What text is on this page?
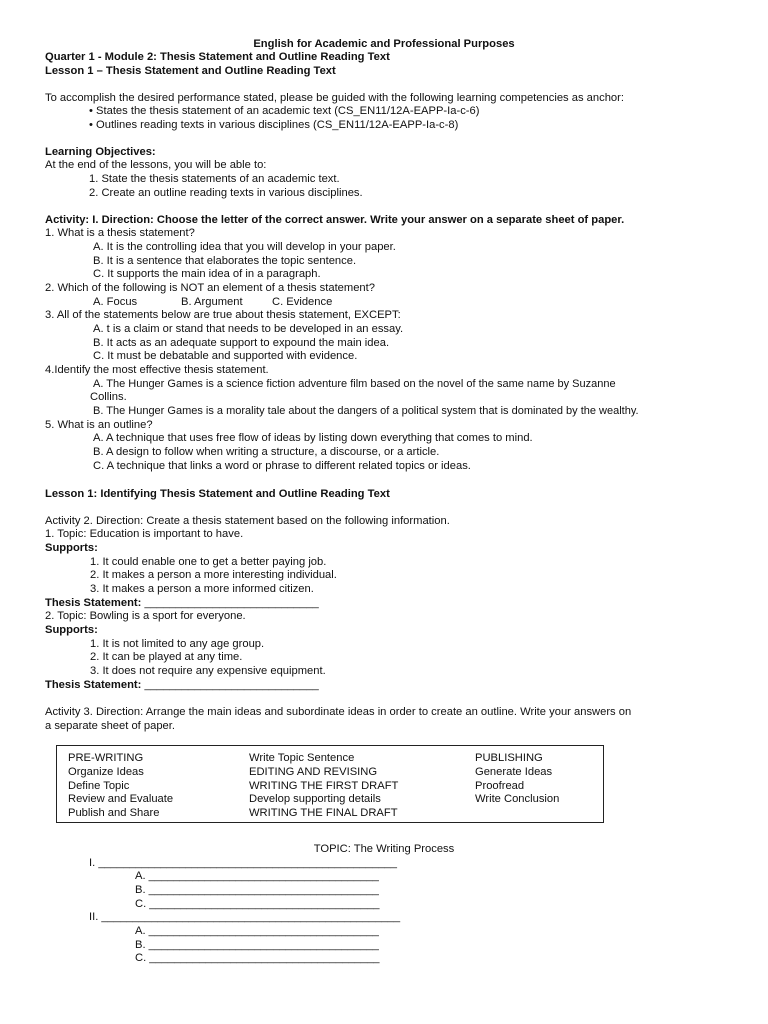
English for Academic and Professional Purposes
Quarter 1 - Module 2: Thesis Statement and Outline Reading Text
Lesson 1 – Thesis Statement and Outline Reading Text
To accomplish the desired performance stated, please be guided with the following learning competencies as anchor:
• States the thesis statement of an academic text (CS_EN11/12A-EAPP-Ia-c-6)
• Outlines reading texts in various disciplines (CS_EN11/12A-EAPP-Ia-c-8)
Learning Objectives:
At the end of the lessons, you will be able to:
1. State the thesis statements of an academic text.
2. Create an outline reading texts in various disciplines.
Activity: I. Direction: Choose the letter of the correct answer. Write your answer on a separate sheet of paper.
1. What is a thesis statement?
A. It is the controlling idea that you will develop in your paper.
B. It is a sentence that elaborates the topic sentence.
C. It supports the main idea of in a paragraph.
2. Which of the following is NOT an element of a thesis statement?
A. Focus	B. Argument	C. Evidence
3. All of the statements below are true about thesis statement, EXCEPT:
A. t is a claim or stand that needs to be developed in an essay.
B. It acts as an adequate support to expound the main idea.
C. It must be debatable and supported with evidence.
4.Identify the most effective thesis statement.
A. The Hunger Games is a science fiction adventure film based on the novel of the same name by Suzanne
Collins.
B. The Hunger Games is a morality tale about the dangers of a political system that is dominated by the wealthy.
5. What is an outline?
A. A technique that uses free flow of ideas by listing down everything that comes to mind.
B. A design to follow when writing a structure, a discourse, or a article.
C. A technique that links a word or phrase to different related topics or ideas.
Lesson 1: Identifying Thesis Statement and Outline Reading Text
Activity 2. Direction: Create a thesis statement based on the following information.
1. Topic: Education is important to have.
Supports:
1. It could enable one to get a better paying job.
2. It makes a person a more interesting individual.
3. It makes a person a more informed citizen.
Thesis Statement: ____________________________
2. Topic: Bowling is a sport for everyone.
Supports:
1. It is not limited to any age group.
2. It can be played at any time.
3. It does not require any expensive equipment.
Thesis Statement: ____________________________
Activity 3. Direction: Arrange the main ideas and subordinate ideas in order to create an outline. Write your answers on
a separate sheet of paper.
PRE-WRITING
Organize Ideas
Define Topic
Review and Evaluate
Publish and Share
Write Topic Sentence
EDITING AND REVISING
WRITING THE FIRST DRAFT
Develop supporting details
WRITING THE FINAL DRAFT
PUBLISHING
Generate Ideas
Proofread
Write Conclusion
TOPIC: The Writing Process
I. ________________________________________________
A. _____________________________________
B. _____________________________________
C. _____________________________________
II. ________________________________________________
A. _____________________________________
B. _____________________________________
C. _____________________________________
